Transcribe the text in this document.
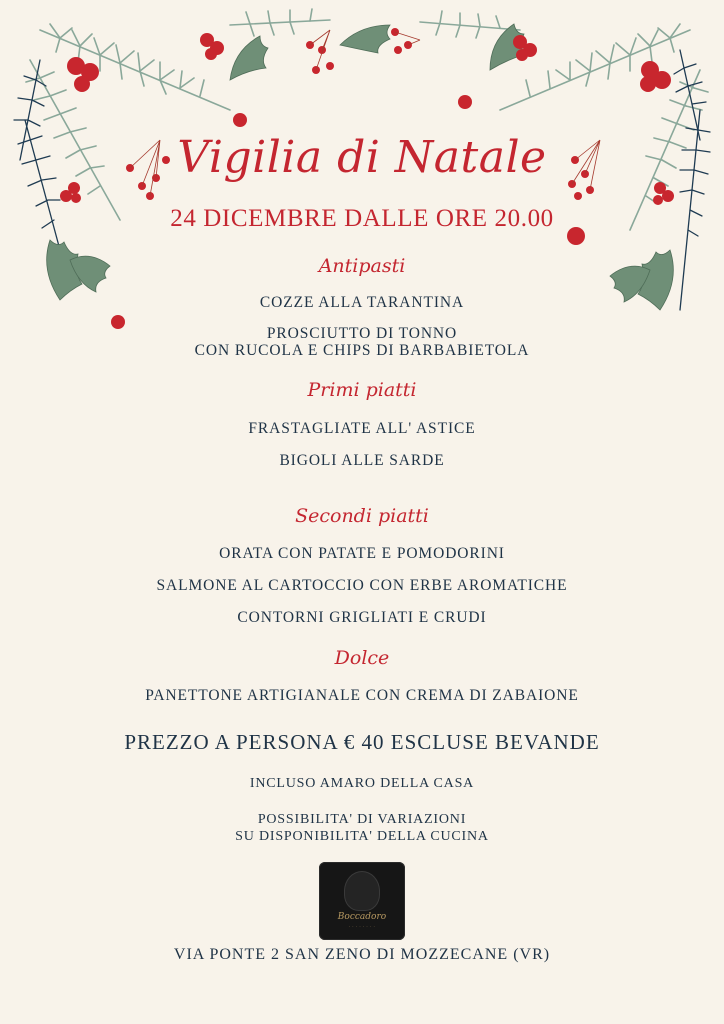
Vigilia di Natale
24 DICEMBRE DALLE ORE 20.00
Antipasti
COZZE ALLA TARANTINA
PROSCIUTTO DI TONNO
CON RUCOLA E CHIPS DI BARBABIETOLA
Primi piatti
FRASTAGLIATE ALL' ASTICE
BIGOLI ALLE SARDE
Secondi piatti
ORATA CON PATATE E POMODORINI
SALMONE AL CARTOCCIO CON ERBE AROMATICHE
CONTORNI GRIGLIATI E CRUDI
Dolce
PANETTONE ARTIGIANALE CON CREMA DI ZABAIONE
PREZZO A PERSONA € 40 ESCLUSE BEVANDE
INCLUSO AMARO DELLA CASA
POSSIBILITA' DI VARIAZIONI
SU DISPONIBILITA' DELLA CUCINA
Boccadoro
· · · · · · · ·
VIA PONTE 2 SAN ZENO DI MOZZECANE (VR)
